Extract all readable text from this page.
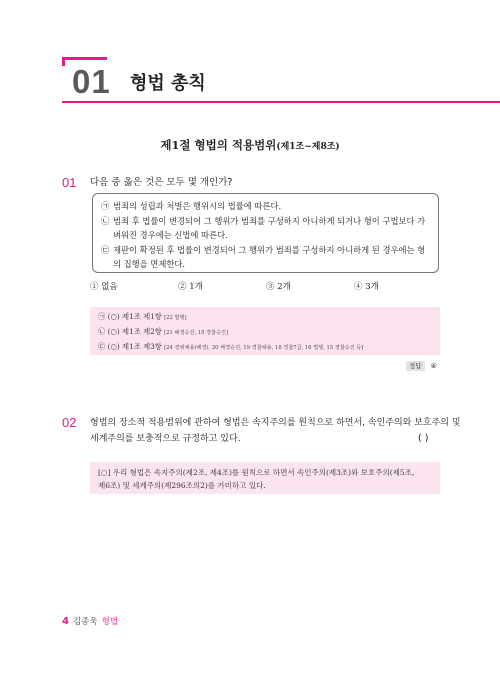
01 형법 총칙
제1절 형법의 적용범위(제1조~제8조)
01 다음 중 옳은 것은 모두 몇 개인가?
㉠ 범죄의 성립과 처벌은 행위시의 법률에 따른다.
㉡ 범죄 후 법률이 변경되어 그 행위가 범죄를 구성하지 아니하게 되거나 형이 구법보다 가벼워진 경우에는 신법에 따른다.
㉢ 재판이 확정된 후 법률이 변경되어 그 행위가 범죄를 구성하지 아니하게 된 경우에는 형의 집행을 면제한다.
① 없음	② 1개	③ 2개	④ 3개
㉠ (○) 제1조 제1항 [22 법행]
㉡ (○) 제1조 제2항 [21 해경승진, 15 경찰승진]
㉢ (○) 제1조 제3항 [24 경위채용(해경), 20 해경승진, 19 경찰채용, 18 경찰7급, 16 법행, 15 경찰승진 등]
정답	④
02 형법의 장소적 적용범위에 관하여 형법은 속지주의를 원칙으로 하면서, 속인주의와 보호주의 및
세계주의를 보충적으로 규정하고 있다.	( )
[○] 우리 형법은 속지주의(제2조, 제4조)를 원칙으로 하면서 속인주의(제3조)와 보호주의(제5조,
제6조) 및 세계주의(제296조의2)를 가미하고 있다.
4 김종욱 형법
